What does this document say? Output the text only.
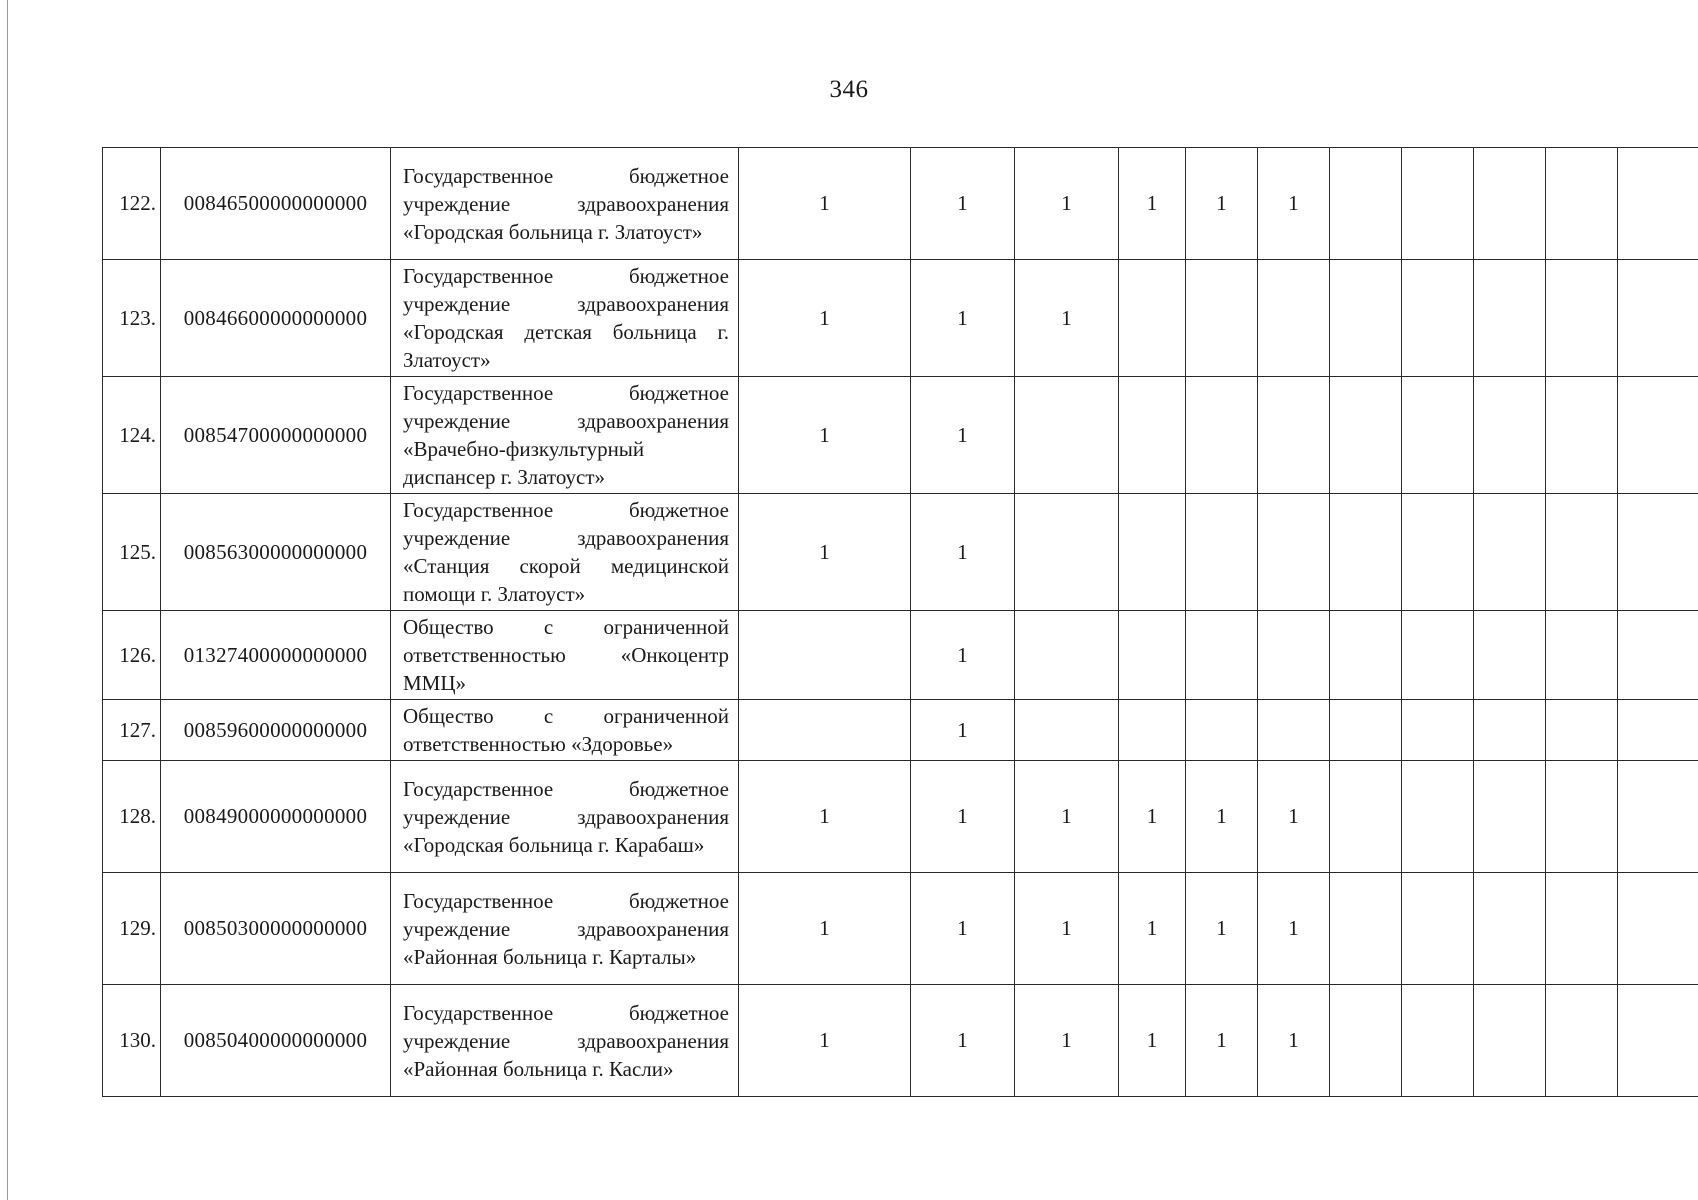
346
122.	00846500000000000	Государственное бюджетное учреждение здравоохранения «Городская больница г. Златоуст»	1	1	1	1	1	1					
123.	00846600000000000	Государственное бюджетное учреждение здравоохранения «Городская детская больница г. Златоуст»	1	1	1								
124.	00854700000000000	Государственное бюджетное учреждение здравоохранения «Врачебно-физкультурный диспансер г. Златоуст»	1	1									
125.	00856300000000000	Государственное бюджетное учреждение здравоохранения «Станция скорой медицинской помощи г. Златоуст»	1	1									
126.	01327400000000000	Общество с ограниченной ответственностью «Онкоцентр ММЦ»		1									
127.	00859600000000000	Общество с ограниченной ответственностью «Здоровье»		1									
128.	00849000000000000	Государственное бюджетное учреждение здравоохранения «Городская больница г. Карабаш»	1	1	1	1	1	1					
129.	00850300000000000	Государственное бюджетное учреждение здравоохранения «Районная больница г. Карталы»	1	1	1	1	1	1					
130.	00850400000000000	Государственное бюджетное учреждение здравоохранения «Районная больница г. Касли»	1	1	1	1	1	1					
